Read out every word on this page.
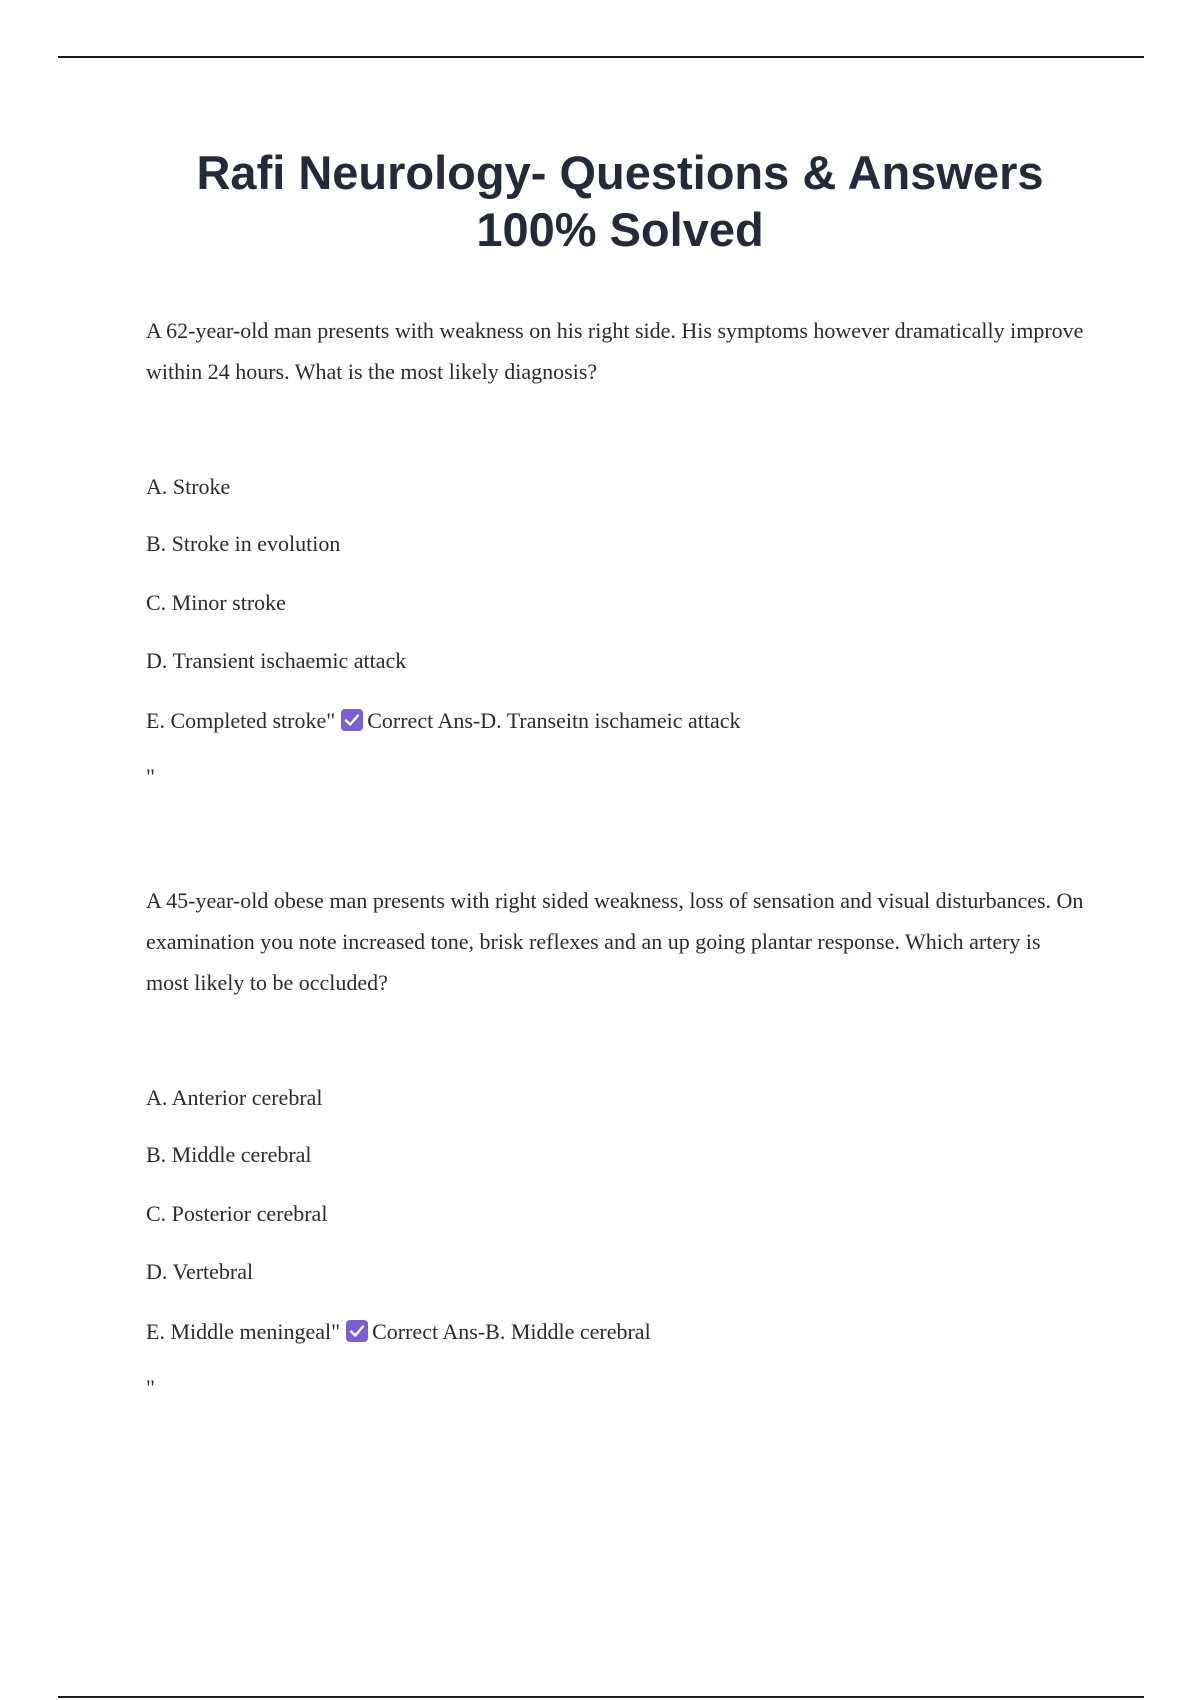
Rafi Neurology- Questions & Answers
100% Solved

A 62-year-old man presents with weakness on his right side. His symptoms however dramatically improve within 24 hours. What is the most likely diagnosis?

A. Stroke
B. Stroke in evolution
C. Minor stroke
D. Transient ischaemic attack
E. Completed stroke" Correct Ans-D. Transeitn ischameic attack
"

A 45-year-old obese man presents with right sided weakness, loss of sensation and visual disturbances. On examination you note increased tone, brisk reflexes and an up going plantar response. Which artery is most likely to be occluded?

A. Anterior cerebral
B. Middle cerebral
C. Posterior cerebral
D. Vertebral
E. Middle meningeal" Correct Ans-B. Middle cerebral
"
